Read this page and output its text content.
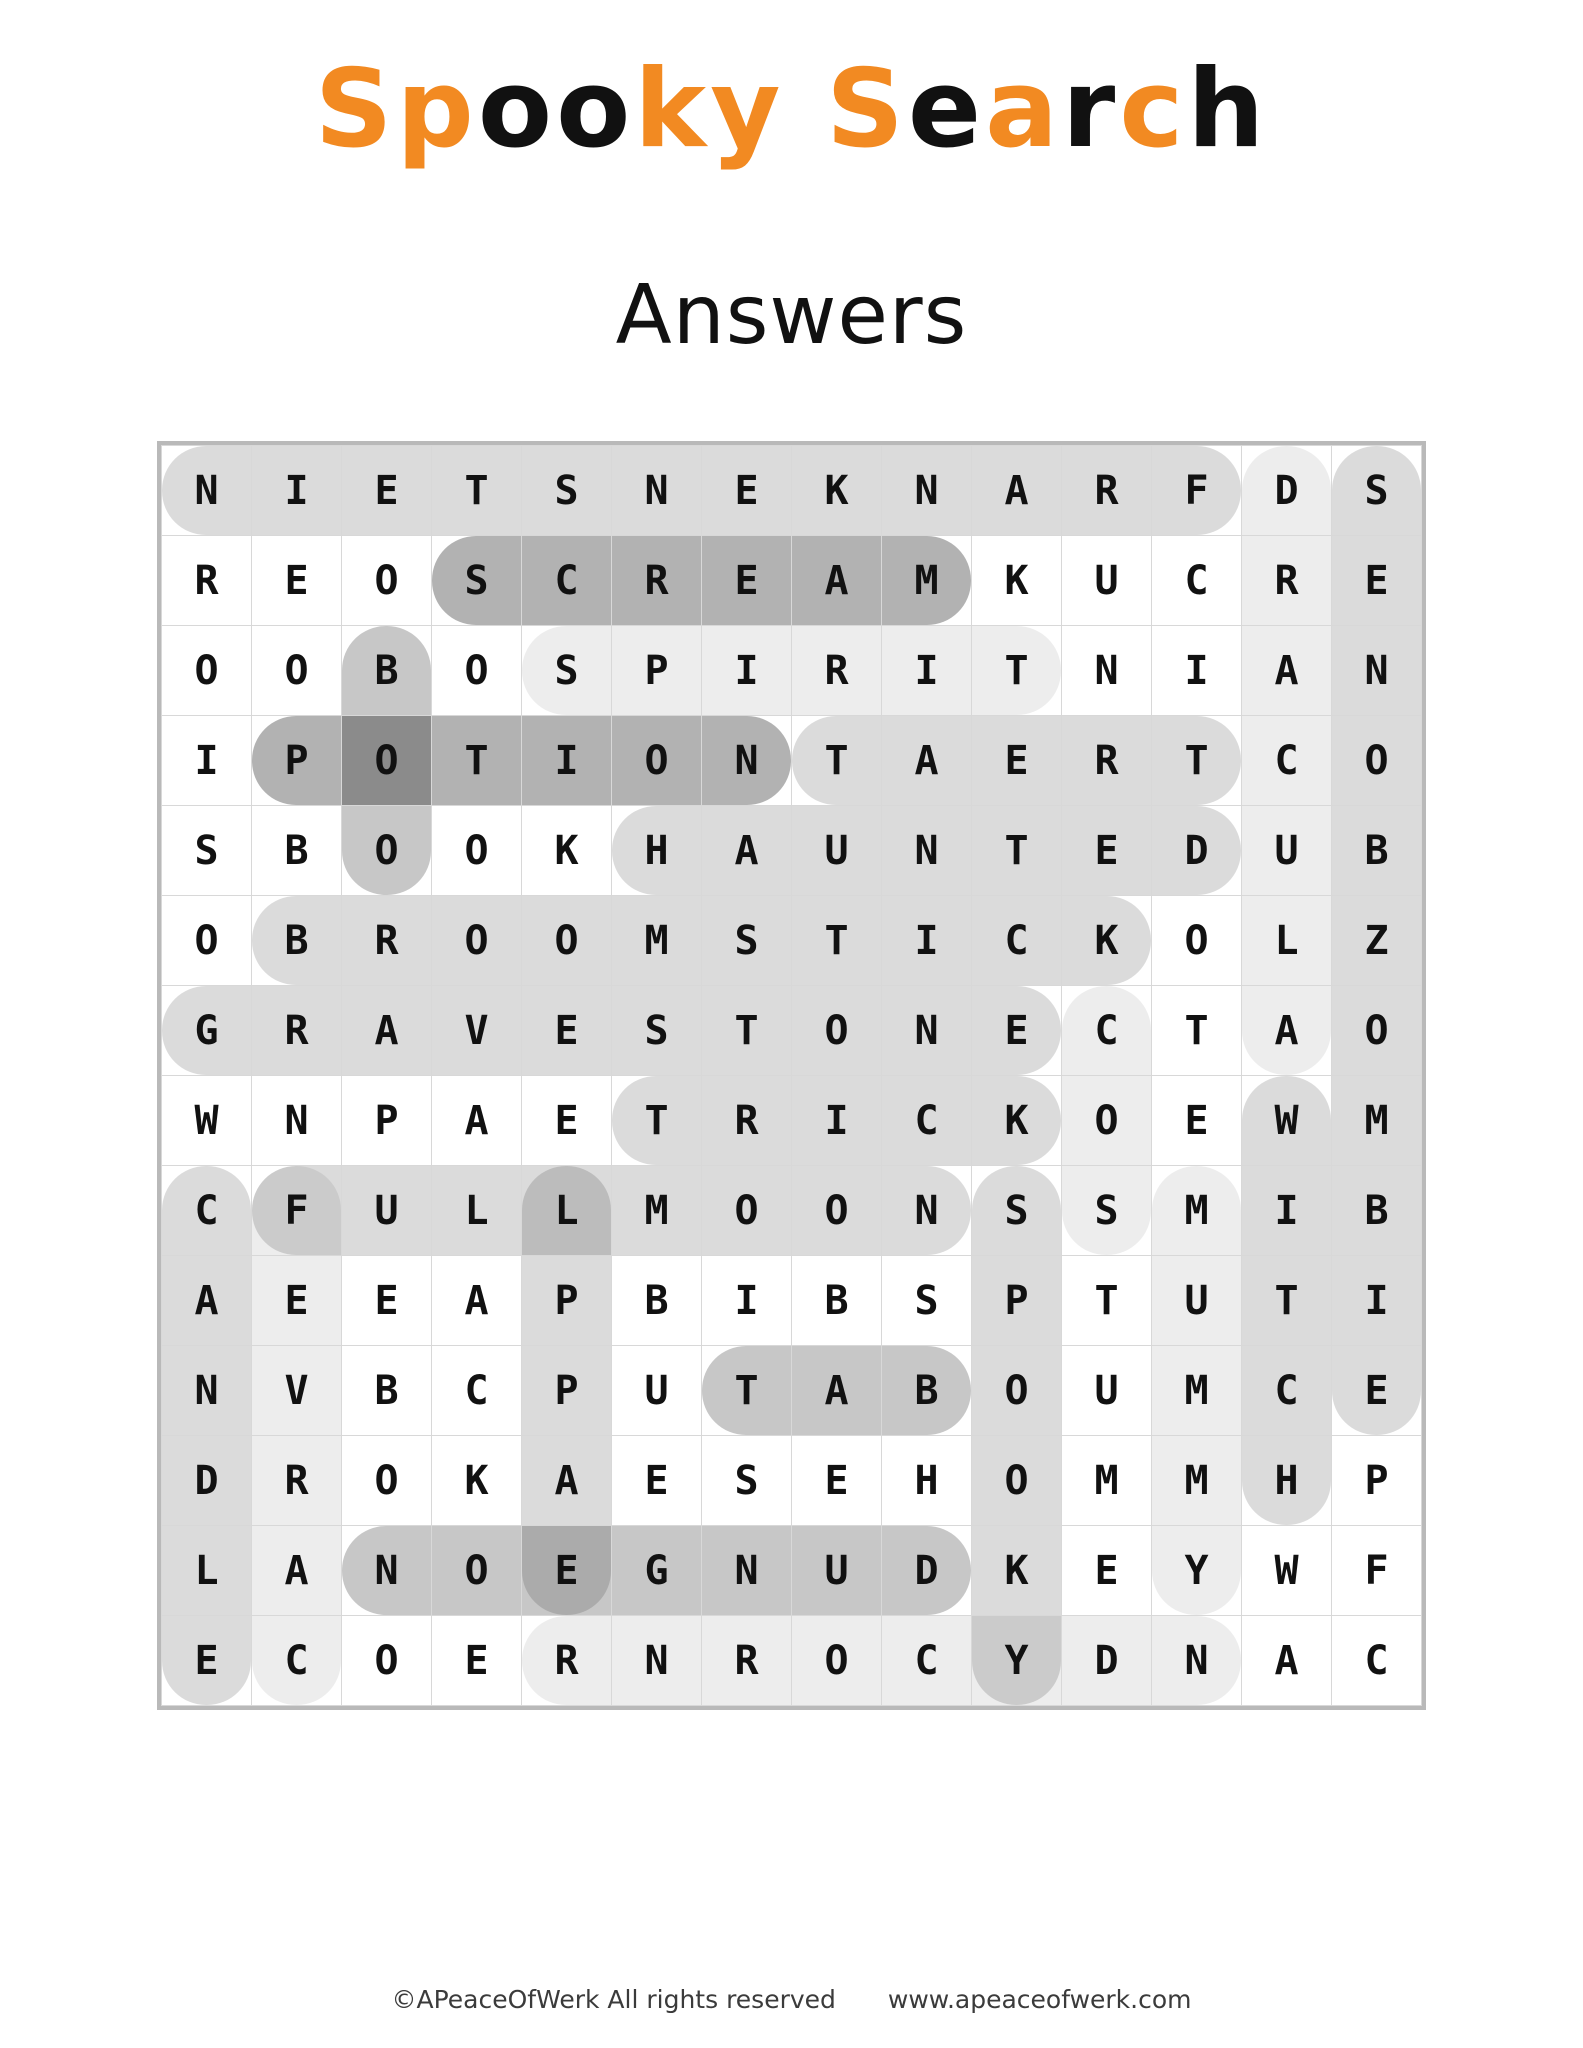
Spooky Search
Answers
N	I	E	T	S	N	E	K	N	A	R	F	D	S

R	E	O	S	C	R	E	A	M	K	U	C	R	E

O	O	B	O	S	P	I	R	I	T	N	I	A	N

I	P	O	T	I	O	N	T	A	E	R	T	C	O

S	B	O	O	K	H	A	U	N	T	E	D	U	B

O	B	R	O	O	M	S	T	I	C	K	O	L	Z

G	R	A	V	E	S	T	O	N	E	C	T	A	O

W	N	P	A	E	T	R	I	C	K	O	E	W	M

C	F	U	L	L	M	O	O	N	S	S	M	I	B

A	E	E	A	P	B	I	B	S	P	T	U	T	I

N	V	B	C	P	U	T	A	B	O	U	M	C	E

D	R	O	K	A	E	S	E	H	O	M	M	H	P

L	A	N	O	E	G	N	U	D	K	E	Y	W	F

E	C	O	E	R	N	R	O	C	Y	D	N	A	C
©APeaceOfWerk All rights reserved www.apeaceofwerk.com
